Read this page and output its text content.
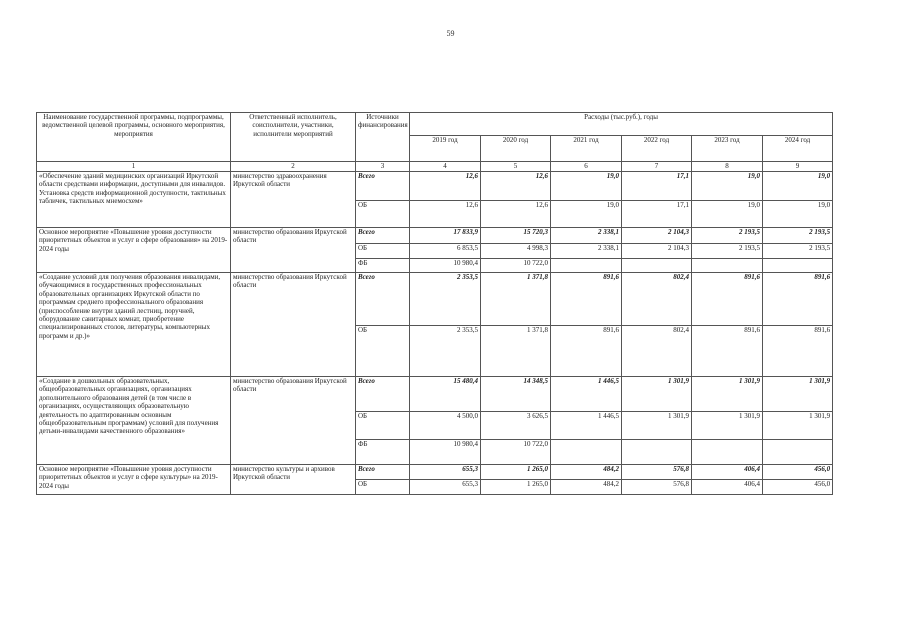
59
Наименование государственной программы, подпрограммы, ведомственной целевой программы, основного мероприятия, мероприятия	Ответственный исполнитель, соисполнители, участники, исполнители мероприятий	Источники финансирования	Расходы (тыс.руб.), годы					
			2019 год	2020 год	2021 год	2022 год	2023 год	2024 год
1	2	3	4	5	6	7	8	9
«Обеспечение зданий медицинских организаций Иркутской области средствами информации, доступными для инвалидов. Установка средств информационной доступности, тактильных табличек, тактильных мнемосхем»	министерство здравоохранения Иркутской области	Всего	12,6	12,6	19,0	17,1	19,0	19,0
		ОБ	12,6	12,6	19,0	17,1	19,0	19,0
Основное мероприятие «Повышение уровня доступности приоритетных объектов и услуг в сфере образования» на 2019-2024 годы	министерство образования Иркутской области	Всего	17 833,9	15 720,3	2 338,1	2 104,3	2 193,5	2 193,5
		ОБ	6 853,5	4 998,3	2 338,1	2 104,3	2 193,5	2 193,5
		ФБ	10 980,4	10 722,0				
«Создание условий для получения образования инвалидами, обучающимися в государственных профессиональных образовательных организациях Иркутской области по программам среднего профессионального образования (приспособление внутри зданий лестниц, поручней, оборудование санитарных комнат, приобретение специализированных столов, литературы, компьютерных программ и др.)»	министерство образования Иркутской области	Всего	2 353,5	1 371,8	891,6	802,4	891,6	891,6
		ОБ	2 353,5	1 371,8	891,6	802,4	891,6	891,6
«Создание в дошкольных образовательных, общеобразовательных организациях, организациях дополнительного образования детей (в том числе в организациях, осуществляющих образовательную деятельность по адаптированным основным общеобразовательным программам) условий для получения детьми-инвалидами качественного образования»	министерство образования Иркутской области	Всего	15 480,4	14 348,5	1 446,5	1 301,9	1 301,9	1 301,9
		ОБ	4 500,0	3 626,5	1 446,5	1 301,9	1 301,9	1 301,9
		ФБ	10 980,4	10 722,0				
Основное мероприятие «Повышение уровня доступности приоритетных объектов и услуг в сфере культуры» на 2019-2024 годы	министерство культуры и архивов Иркутской области	Всего	655,3	1 265,0	484,2	576,8	406,4	456,0
		ОБ	655,3	1 265,0	484,2	576,8	406,4	456,0
